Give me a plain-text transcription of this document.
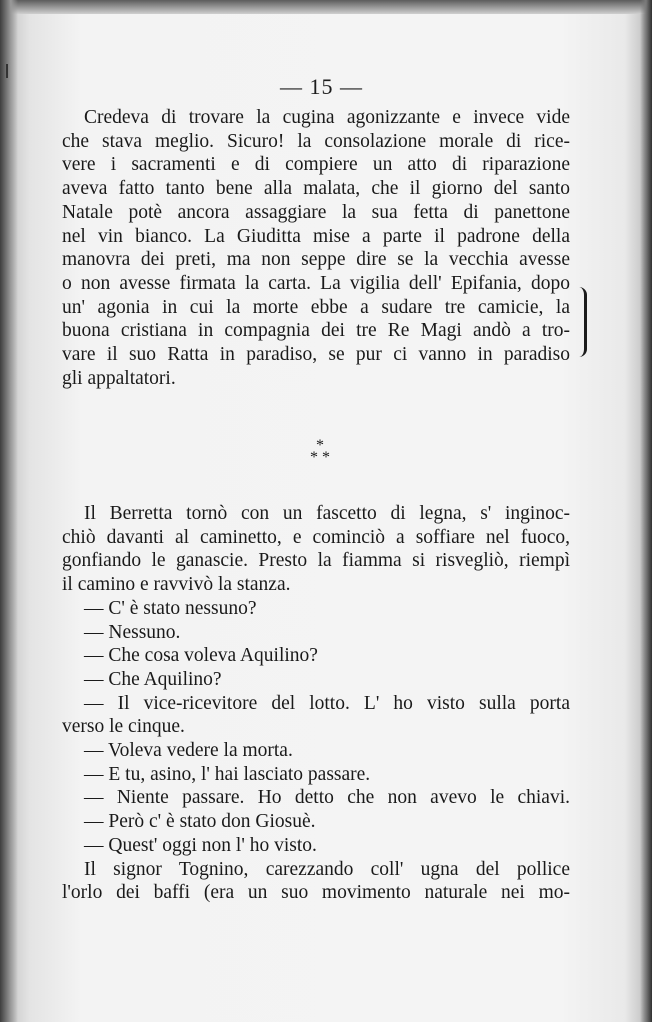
— 15 —
Credeva di trovare la cugina agonizzante e invece vide
che stava meglio. Sicuro! la consolazione morale di rice-
vere i sacramenti e di compiere un atto di riparazione
aveva fatto tanto bene alla malata, che il giorno del santo
Natale potè ancora assaggiare la sua fetta di panettone
nel vin bianco. La Giuditta mise a parte il padrone della
manovra dei preti, ma non seppe dire se la vecchia avesse
o non avesse firmata la carta. La vigilia dell' Epifania, dopo
un' agonia in cui la morte ebbe a sudare tre camicie, la
buona cristiana in compagnia dei tre Re Magi andò a tro-
vare il suo Ratta in paradiso, se pur ci vanno in paradiso
gli appaltatori.
*
* *
Il Berretta tornò con un fascetto di legna, s' inginoc-
chiò davanti al caminetto, e cominciò a soffiare nel fuoco,
gonfiando le ganascie. Presto la fiamma si risvegliò, riempì
il camino e ravvivò la stanza.
— C' è stato nessuno?
— Nessuno.
— Che cosa voleva Aquilino?
— Che Aquilino?
— Il vice-ricevitore del lotto. L' ho visto sulla porta
verso le cinque.
— Voleva vedere la morta.
— E tu, asino, l' hai lasciato passare.
— Niente passare. Ho detto che non avevo le chiavi.
— Però c' è stato don Giosuè.
— Quest' oggi non l' ho visto.
Il signor Tognino, carezzando coll' ugna del pollice
l'orlo dei baffi (era un suo movimento naturale nei mo-
